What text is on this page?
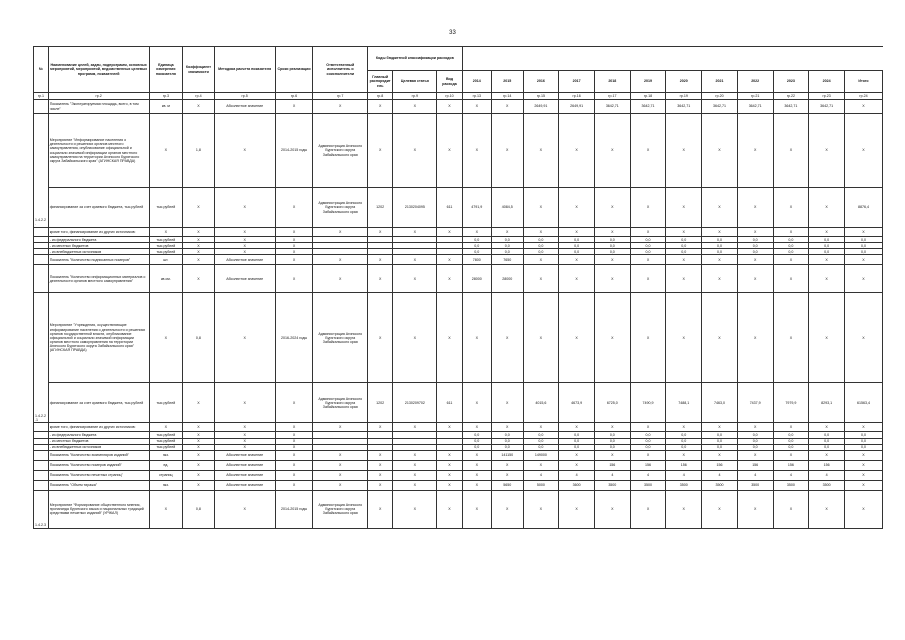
33
№	Наименование целей, задач, подпрограмм, основных мероприятий, мероприятий, ведомственных целевых программ, показателей	Единица измерения показателя	Коэффициент значимости	Методика расчета показателя	Сроки реализации	Ответственный исполнитель и соисполнители	Коды бюджетной классификации расходов														
							Главный распорядитель	Целевая статья	Вид расхода	2014	2015	2016	2017	2018	2019	2020	2021	2022	2023	2024	Итого
гр.1	гр.2	гр.3	гр.4	гр.5	гр.6	гр.7	гр.8	гр.9	гр.10	гр.13	гр.14	гр.15	гр.16	гр.17	гр.18	гр.19	гр.20	гр.21	гр.22	гр.23	гр.24
	Показатель "Эксплуатируемая площадь, всего, в том числе"	кв. м	Х	Абсолютное значение	Х	Х	Х	Х	Х	Х	Х	2649,91	2649,91	3642,71	3642,71	3642,71	3642,71	3642,71	3642,71	3642,71	Х
1.4.2.2.	Мероприятие "Информирование населения о деятельности и решениях органов местного самоуправления, опубликование официальной и социально значимой информации органов местного самоуправления на территории Агинского Бурятского округа Забайкальского края" (АГИНСКАЯ ПРАВДА)	Х	1,8	Х	2014-2015 годы	Администрация Агинского Бурятского округа Забайкальского края	Х	Х	Х	Х	Х	Х	Х	Х	Х	Х	Х	Х	Х	Х	Х
	финансирование за счет краевого бюджета, тыс.рублей	тыс.рублей	Х	Х	Х	Администрация Агинского Бурятского округа Забайкальского края	1202	2130204095	611	4791,9	4084,5	Х	Х	Х	Х	Х	Х	Х	Х	Х	8876,4
	кроме того, финансирование из других источников:	Х	Х	Х	Х	Х	Х	Х	Х	Х	Х	Х	Х	Х	Х	Х	Х	Х	Х	Х	Х
	- из федерального бюджета	тыс.рублей	Х	Х	Х					0,0	0,0	0,0	0,0	0,0	0,0	0,0	0,0	0,0	0,0	0,0	0,0
	- из местных бюджетов	тыс.рублей	Х	Х	Х					0,0	0,0	0,0	0,0	0,0	0,0	0,0	0,0	0,0	0,0	0,0	0,0
	- из внебюджетных источников	тыс.рублей	Х	Х	Х					0,0	0,0	0,0	0,0	0,0	0,0	0,0	0,0	0,0	0,0	0,0	0,0
	Показатель "Количество подписанных номеров"	шт.	Х	Абсолютное значение	Х	Х	Х	Х	Х	7800	7650	Х	Х	Х	Х	Х	Х	Х	Х	Х	Х
	Показатель "Количество информационных материалов о деятельности органов местного самоуправления"	кв.см.	Х	Абсолютное значение	Х	Х	Х	Х	Х	28000	28000	Х	Х	Х	Х	Х	Х	Х	Х	Х	Х
1.4.2.2.1	Мероприятие "Учреждения, осуществляющие информирование населения о деятельности и решениях органов государственной власти, опубликование официальной и социально значимой информации органов местного самоуправления на территории Агинского Бурятского округа Забайкальского края" (АГИНСКАЯ ПРАВДА)	Х	0,8	Х	2016-2024 годы	Администрация Агинского Бурятского округа Забайкальского края	Х	Х	Х	Х	Х	Х	Х	Х	Х	Х	Х	Х	Х	Х	Х
	финансирование за счет краевого бюджета, тыс.рублей	тыс.рублей	Х	Х	Х	Администрация Агинского Бурятского округа Забайкальского края	1202	2130209702	611	Х	Х	4015,6	4673,9	6725,0	7490,9	7488,1	7463,0	7437,9	7979,9	8293,1	61563,4
	кроме того, финансирование из других источников:	Х	Х	Х	Х	Х	Х	Х	Х	Х	Х	Х	Х	Х	Х	Х	Х	Х	Х	Х	Х
	- из федерального бюджета	тыс.рублей	Х	Х	Х					0,0	0,0	0,0	0,0	0,0	0,0	0,0	0,0	0,0	0,0	0,0	0,0
	- из местных бюджетов	тыс.рублей	Х	Х	Х					0,0	0,0	0,0	0,0	0,0	0,0	0,0	0,0	0,0	0,0	0,0	0,0
	- из внебюджетных источников	тыс.рублей	Х	Х	Х					0,0	0,0	0,0	0,0	0,0	0,0	0,0	0,0	0,0	0,0	0,0	0,0
	Показатель "Количество экземпляров изданий"	экз.	Х	Абсолютное значение	Х	Х	Х	Х	Х	Х	141150	149000	Х	Х	Х	Х	Х	Х	Х	Х	Х
	Показатель "Количество номеров изданий"	ед.	Х	Абсолютное значение	Х	Х	Х	Х	Х	Х	Х	Х	Х	156	156	156	156	156	156	156	Х
	Показатель "Количество печатных страниц"	страниц	Х	Абсолютное значение	Х	Х	Х	Х	Х	Х	Х	4	4	4	4	4	4	4	4	4	Х
	Показатель "Объем тиража"	экз.	Х	Абсолютное значение	Х	Х	Х	Х	Х	Х	5650	5000	3600	3500	3500	3500	3500	3500	3500	3500	Х
1.4.2.3	Мероприятие "Формирование общественного мнения, пропаганда бурятского языка и национальных традиций средствами печатных изданий" (УРЖАЛ)	Х	0,8	Х	2014-2015 годы	Администрация Агинского Бурятского округа Забайкальского края	Х	Х	Х	Х	Х	Х	Х	Х	Х	Х	Х	Х	Х	Х	Х
